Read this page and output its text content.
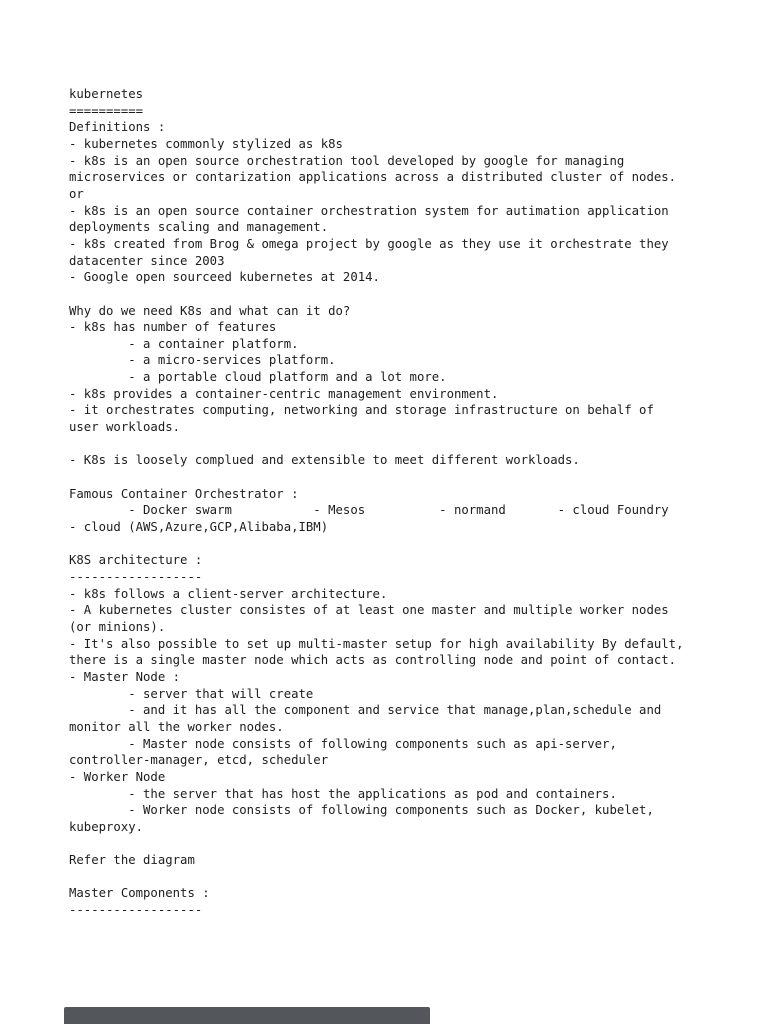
kubernetes
==========
Definitions :
- kubernetes commonly stylized as k8s
- k8s is an open source orchestration tool developed by google for managing
microservices or contarization applications across a distributed cluster of nodes.
or
- k8s is an open source container orchestration system for autimation application
deployments scaling and management.
- k8s created from Brog & omega project by google as they use it orchestrate they
datacenter since 2003
- Google open sourceed kubernetes at 2014.
Why do we need K8s and what can it do?
- k8s has number of features
- a container platform.
- a micro-services platform.
- a portable cloud platform and a lot more.
- k8s provides a container-centric management environment.
- it orchestrates computing, networking and storage infrastructure on behalf of
user workloads.
- K8s is loosely complued and extensible to meet different workloads.
Famous Container Orchestrator :
- Docker swarm           - Mesos          - normand       - cloud Foundry
- cloud (AWS,Azure,GCP,Alibaba,IBM)
K8S architecture :
------------------
- k8s follows a client-server architecture.
- A kubernetes cluster consistes of at least one master and multiple worker nodes
(or minions).
- It's also possible to set up multi-master setup for high availability By default,
there is a single master node which acts as controlling node and point of contact.
- Master Node :
- server that will create
- and it has all the component and service that manage,plan,schedule and
monitor all the worker nodes.
- Master node consists of following components such as api-server,
controller-manager, etcd, scheduler
- Worker Node
- the server that has host the applications as pod and containers.
- Worker node consists of following components such as Docker, kubelet,
kubeproxy.
Refer the diagram
Master Components :
------------------
